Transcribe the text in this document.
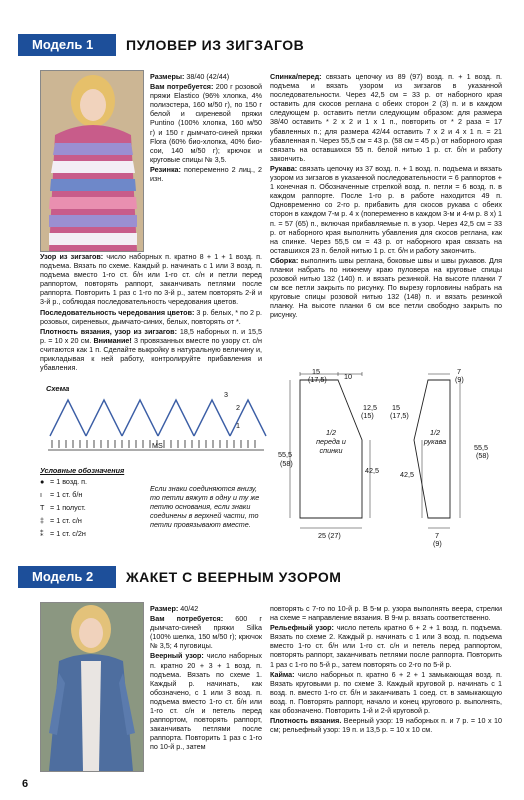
Модель 1	ПУЛОВЕР ИЗ ЗИГЗАГОВ

Размеры: 38/40 (42/44)

Вам потребуется: 200 г розовой пряжи Elastico (96% хлопка, 4% полиэстера, 160 м/50 г), по 150 г белой и сиреневой пряжи Puntino (100% хлопка, 160 м/50 г) и 150 г дымчато-синей пряжи Flora (60% био-хлопка, 40% био-сои, 140 м/50 г); крючок и круговые спицы № 3,5.

Резинка: попеременно 2 лиц., 2 изн.

Узор из зигзагов: число наборных п. кратно 8 + 1 + 1 возд. п. подъема. Вязать по схеме. Каждый р. начинать с 1 или 3 возд. п. подъема вместо 1-го ст. б/н или 1-го ст. с/н и петли перед раппортом, повторять раппорт, заканчивать петлями после раппорта. Повторить 1 раз с 1-го по 3-й р., затем повторять 2-й и 3-й р., соблюдая последовательность чередования цветов.

Последовательность чередования цветов: 3 р. белых, * по 2 р. розовых, сиреневых, дымчато-синих, белых, повторять от *.

Плотность вязания, узор из зигзагов: 18,5 наборных п. и 15,5 р. = 10 х 20 см. Внимание! 3 провязанных вместе по узору ст. с/н считаются как 1 п. Сделайте выкройку в натуральную величину и, прикладывая к ней работу, контролируйте прибавления и убавления.

Спинка/перед: связать цепочку из 89 (97) возд. п. + 1 возд. п. подъема и вязать узором из зигзагов в указанной последовательности. Через 42,5 см = 33 р. от наборного края оставить для скосов реглана с обеих сторон 2 (3) п. и в каждом следующем р. оставить петли следующим образом: для размера 38/40 оставить * 2 х 2 и 1 х 1 п., повторить от * 2 раза = 17 убавленных п.; для размера 42/44 оставить 7 х 2 и 4 х 1 п. = 21 убавленная п. Через 55,5 см = 43 р. (58 см = 45 р.) от наборного края связать на оставшихся 55 п. белой нитью 1 р. ст. б/н и работу закончить.

Рукава: связать цепочку из 37 возд. п. + 1 возд. п. подъема и вязать узором из зигзагов в указанной последовательности = 6 раппортов + 1 конечная п. Обозначенные стрелкой возд. п. петли = 6 возд. п. в каждом раппорте. После 1-го р. в работе находится 49 п. Одновременно со 2-го р. прибавить для скосов рукава с обеих сторон в каждом 7-м р. 4 х (попеременно в каждом 3-м и 4-м р. 8 х) 1 п. = 57 (65) п., включая прибавляемые п. в узор. Через 42,5 см = 33 р. от наборного края выполнить убавления для скосов реглана, как на спинке. Через 55,5 см = 43 р. от наборного края связать на оставшихся 23 п. белой нитью 1 р. ст. б/н и работу закончить.

Сборка: выполнить швы реглана, боковые швы и швы рукавов. Для планки набрать по нижнему краю пуловера на круговые спицы розовой нитью 132 (140) п. и вязать резинкой. На высоте планки 7 см все петли закрыть по рисунку. По вырезу горловины набрать на круговые спицы розовой нитью 132 (148) п. и вязать резинкой планку. На высоте планки 6 см все петли свободно закрыть по рисунку.

Схема
3
2
1
МS
Условные обозначения
● = 1 возд. п.
ı = 1 ст. б/н
T = 1 полуст.
‡ = 1 ст. с/н
⁑ = 1 ст. с/2н
Если знаки соединяются внизу, то петли вяжут в одну и ту же петлю основания, если знаки соединены в верхней части, то петли провязывают вместе.
15
(17,5) 10
55,5
(58)
12,5
(15)
42,5
1/2 переда и спинки
25 (27)
7
(9)
15
(17,5)
55,5
(58)
42,5
1/2 рукава
7
(9)
Модель 2	ЖАКЕТ С ВЕЕРНЫМ УЗОРОМ

Размер: 40/42

Вам потребуется: 600 г дымчато-синей пряжи Silka (100% шелка, 150 м/50 г); крючок № 3,5; 4 пуговицы.

Веерный узор: число наборных п. кратно 20 + 3 + 1 возд. п. подъема. Вязать по схеме 1. Каждый р. начинать, как обозначено, с 1 или 3 возд. п. подъема вместо 1-го ст. б/н или 1-го ст. с/н и петель перед раппортом, повторять раппорт, заканчивать петлями после раппорта. Повторить 1 раз с 1-го по 10-й р., затем

повторять с 7-го по 10-й р. В 5-м р. узора выполнять веера, стрелки на схеме = направление вязания. В 9-м р. вязать соответственно.

Рельефный узор: число петель кратно 6 + 2 + 1 возд. п. подъема. Вязать по схеме 2. Каждый р. начинать с 1 или 3 возд. п. подъема вместо 1-го ст. б/н или 1-го ст. с/н и петель перед раппортом, повторять раппорт, заканчивать петлями после раппорта. Повторить 1 раз с 1-го по 5-й р., затем повторять со 2-го по 5-й р.

Кайма: число наборных п. кратно 6 + 2 + 1 замыкающая возд. п. Вязать круговыми р. по схеме 3. Каждый круговой р. начинать с 1 возд. п. вместо 1-го ст. б/н и заканчивать 1 соед. ст. в замыкающую возд. п. Повторять раппорт, начало и конец кругового р. выполнять, как обозначено. Повторить 1-й и 2-й круговой р.

Плотность вязания. Веерный узор: 19 наборных п. и 7 р. = 10 х 10 см; рельефный узор: 19 п. и 13,5 р. = 10 х 10 см.

6
